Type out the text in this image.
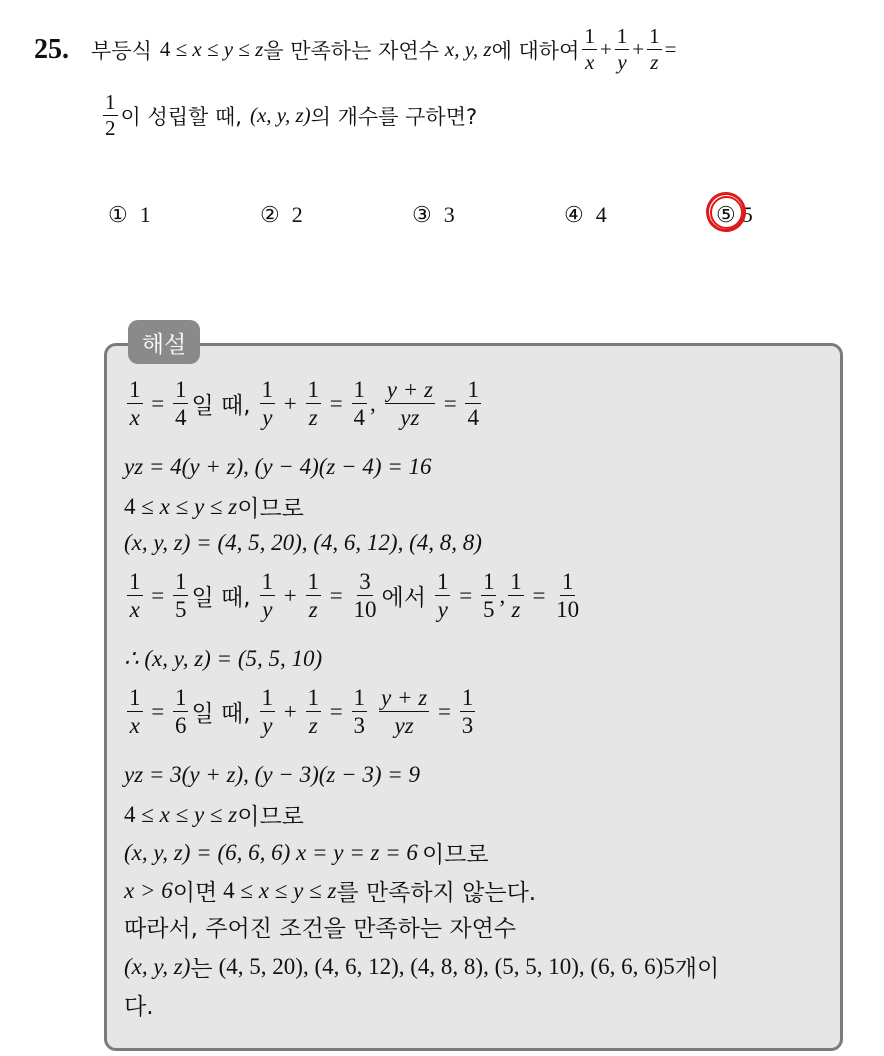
25. 부등식 4 ≤ x ≤ y ≤ z 을 만족하는 자연수 x, y, z 에 대하여 $\frac{1}{x} + \frac{1}{y} + \frac{1}{z}$ =
$\frac{1}{2}$ 이 성립할 때, (x, y, z) 의 개수를 구하면?
① 1	② 2	③ 3	④ 4	⑤ 5
해설
$\frac{1}{x} = \frac{1}{4}$ 일 때, $\frac{1}{y} + \frac{1}{z} = \frac{1}{4}$ , $\frac{y + z}{yz} = \frac{1}{4}$
yz = 4(y + z), (y − 4)(z − 4) = 16
4 ≤ x ≤ y ≤ z 이므로
(x, y, z) = (4, 5, 20), (4, 6, 12), (4, 8, 8)
$\frac{1}{x} = \frac{1}{5}$ 일 때, $\frac{1}{y} + \frac{1}{z} = \frac{3}{10}$ 에서 $\frac{1}{y} = \frac{1}{5}$ , $\frac{1}{z} = \frac{1}{10}$
∴ (x, y, z) = (5, 5, 10)
$\frac{1}{x} = \frac{1}{6}$ 일 때, $\frac{1}{y} + \frac{1}{z} = \frac{1}{3} \frac{y + z}{yz} = \frac{1}{3}$
yz = 3(y + z), (y − 3)(z − 3) = 9
4 ≤ x ≤ y ≤ z 이므로
(x, y, z) = (6, 6, 6) x = y = z = 6 이므로
x > 6 이면 4 ≤ x ≤ y ≤ z 를 만족하지 않는다.
따라서, 주어진 조건을 만족하는 자연수
(x, y, z) 는 (4, 5, 20), (4, 6, 12), (4, 8, 8), (5, 5, 10), (6, 6, 6)5 개이
다.
